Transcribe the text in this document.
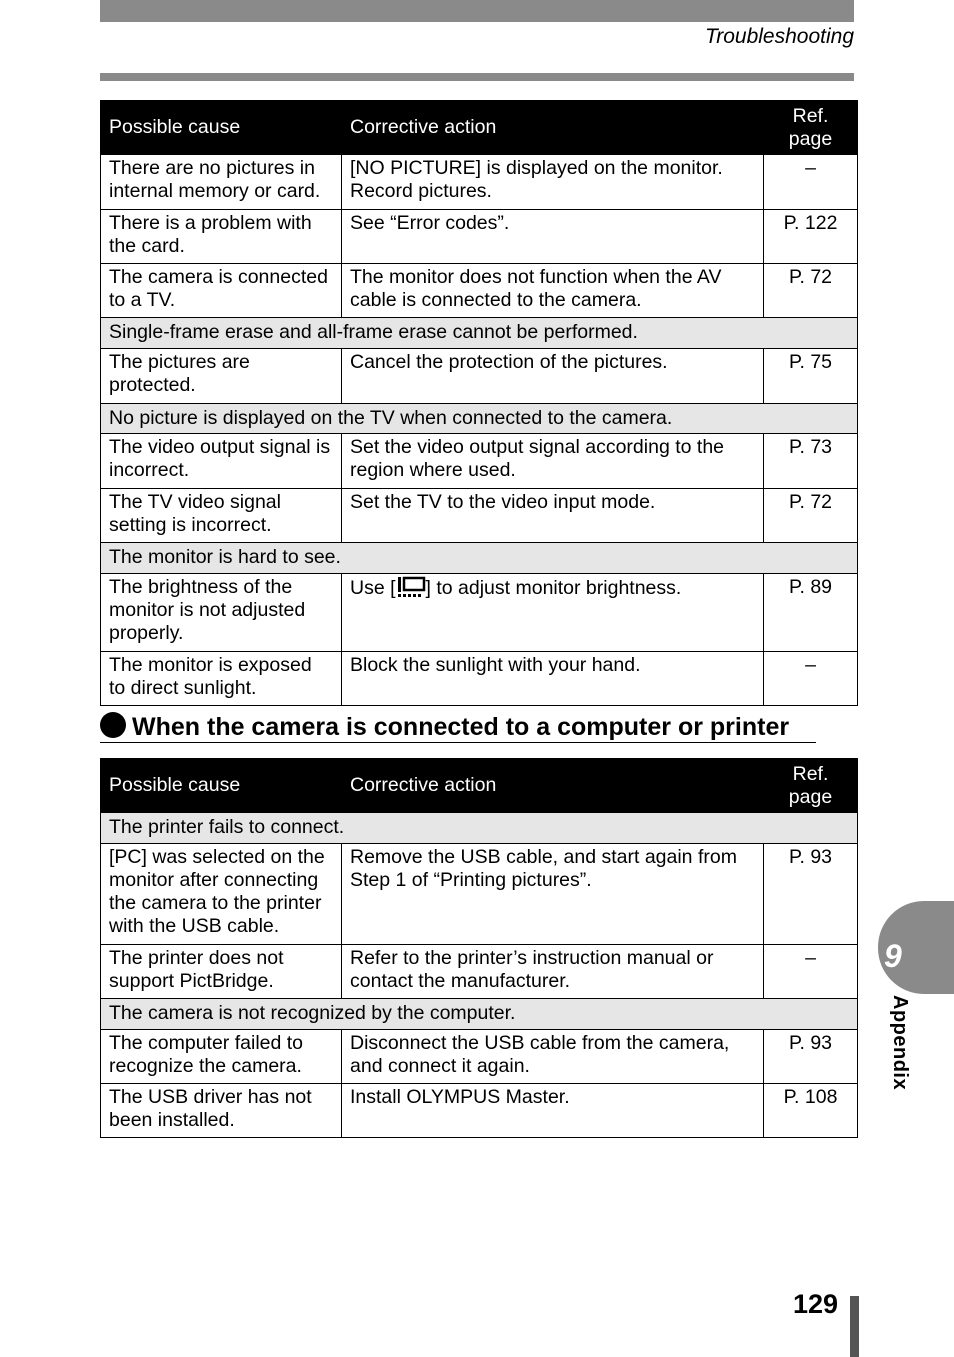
Troubleshooting
Possible cause	Corrective action	Ref. page
There are no pictures in internal memory or card.	[NO PICTURE] is displayed on the monitor. Record pictures.	–
There is a problem with the card.	See “Error codes”.	P. 122
The camera is connected to a TV.	The monitor does not function when the AV cable is connected to the camera.	P. 72
Single-frame erase and all-frame erase cannot be performed.		
The pictures are protected.	Cancel the protection of the pictures.	P. 75
No picture is displayed on the TV when connected to the camera.		
The video output signal is incorrect.	Set the video output signal according to the region where used.	P. 73
The TV video signal setting is incorrect.	Set the TV to the video input mode.	P. 72
The monitor is hard to see.		
The brightness of the monitor is not adjusted properly.	Use [ ] to adjust monitor brightness.	P. 89
The monitor is exposed to direct sunlight.	Block the sunlight with your hand.	–
When the camera is connected to a computer or printer
Possible cause	Corrective action	Ref. page
The printer fails to connect.		
[PC] was selected on the monitor after connecting the camera to the printer with the USB cable.	Remove the USB cable, and start again from Step 1 of “Printing pictures”.	P. 93
The printer does not support PictBridge.	Refer to the printer’s instruction manual or contact the manufacturer.	–
The camera is not recognized by the computer.		
The computer failed to recognize the camera.	Disconnect the USB cable from the camera, and connect it again.	P. 93
The USB driver has not been installed.	Install OLYMPUS Master.	P. 108
9
Appendix
129
